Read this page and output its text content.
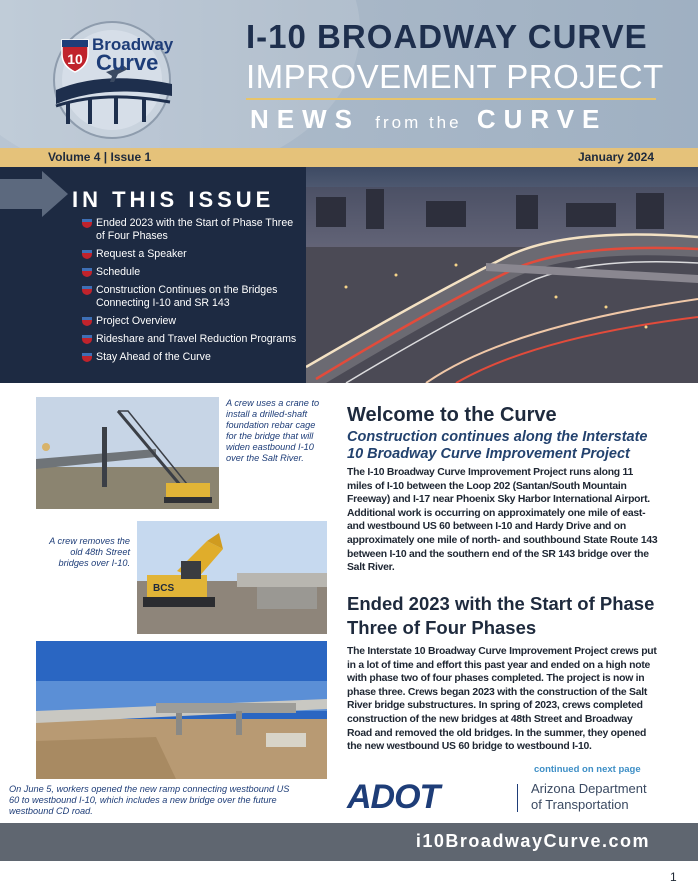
10
Broadway
Curve
I-10 BROADWAY CURVE
IMPROVEMENT PROJECT
NEWS from the CURVE
Volume 4 | Issue 1	January 2024
IN THIS ISSUE
Ended 2023 with the Start of Phase Three of Four Phases
Request a Speaker
Schedule
Construction Continues on the Bridges Connecting I-10 and SR 143
Project Overview
Rideshare and Travel Reduction Programs
Stay Ahead of the Curve
A crew uses a crane to install a drilled-shaft foundation rebar cage for the bridge that will widen eastbound I-10 over the Salt River.
BCS
A crew removes the old 48th Street bridges over I-10.
On June 5, workers opened the new ramp connecting westbound US 60 to westbound I-10, which includes a new bridge over the future westbound CD road.
Welcome to the Curve
Construction continues along the Interstate 10 Broadway Curve Improvement Project
The I-10 Broadway Curve Improvement Project runs along 11 miles of I-10 between the Loop 202 (Santan/South Mountain Freeway) and I-17 near Phoenix Sky Harbor International Airport. Additional work is occurring on approximately one mile of east- and westbound US 60 between I-10 and Hardy Drive and on approximately one mile of north- and southbound State Route 143 between I-10 and the southern end of the SR 143 bridge over the Salt River.
Ended 2023 with the Start of Phase Three of Four Phases
The Interstate 10 Broadway Curve Improvement Project crews put in a lot of time and effort this past year and ended on a high note with phase two of four phases completed. The project is now in phase three. Crews began 2023 with the construction of the Salt River bridge substructures. In spring of 2023, crews completed construction of the new bridges at 48th Street and Broadway Road and removed the old bridges. In the summer, they opened the new westbound US 60 bridge to westbound I-10.
continued on next page
ADOT	Arizona Department
of Transportation
i10BroadwayCurve.com
1
